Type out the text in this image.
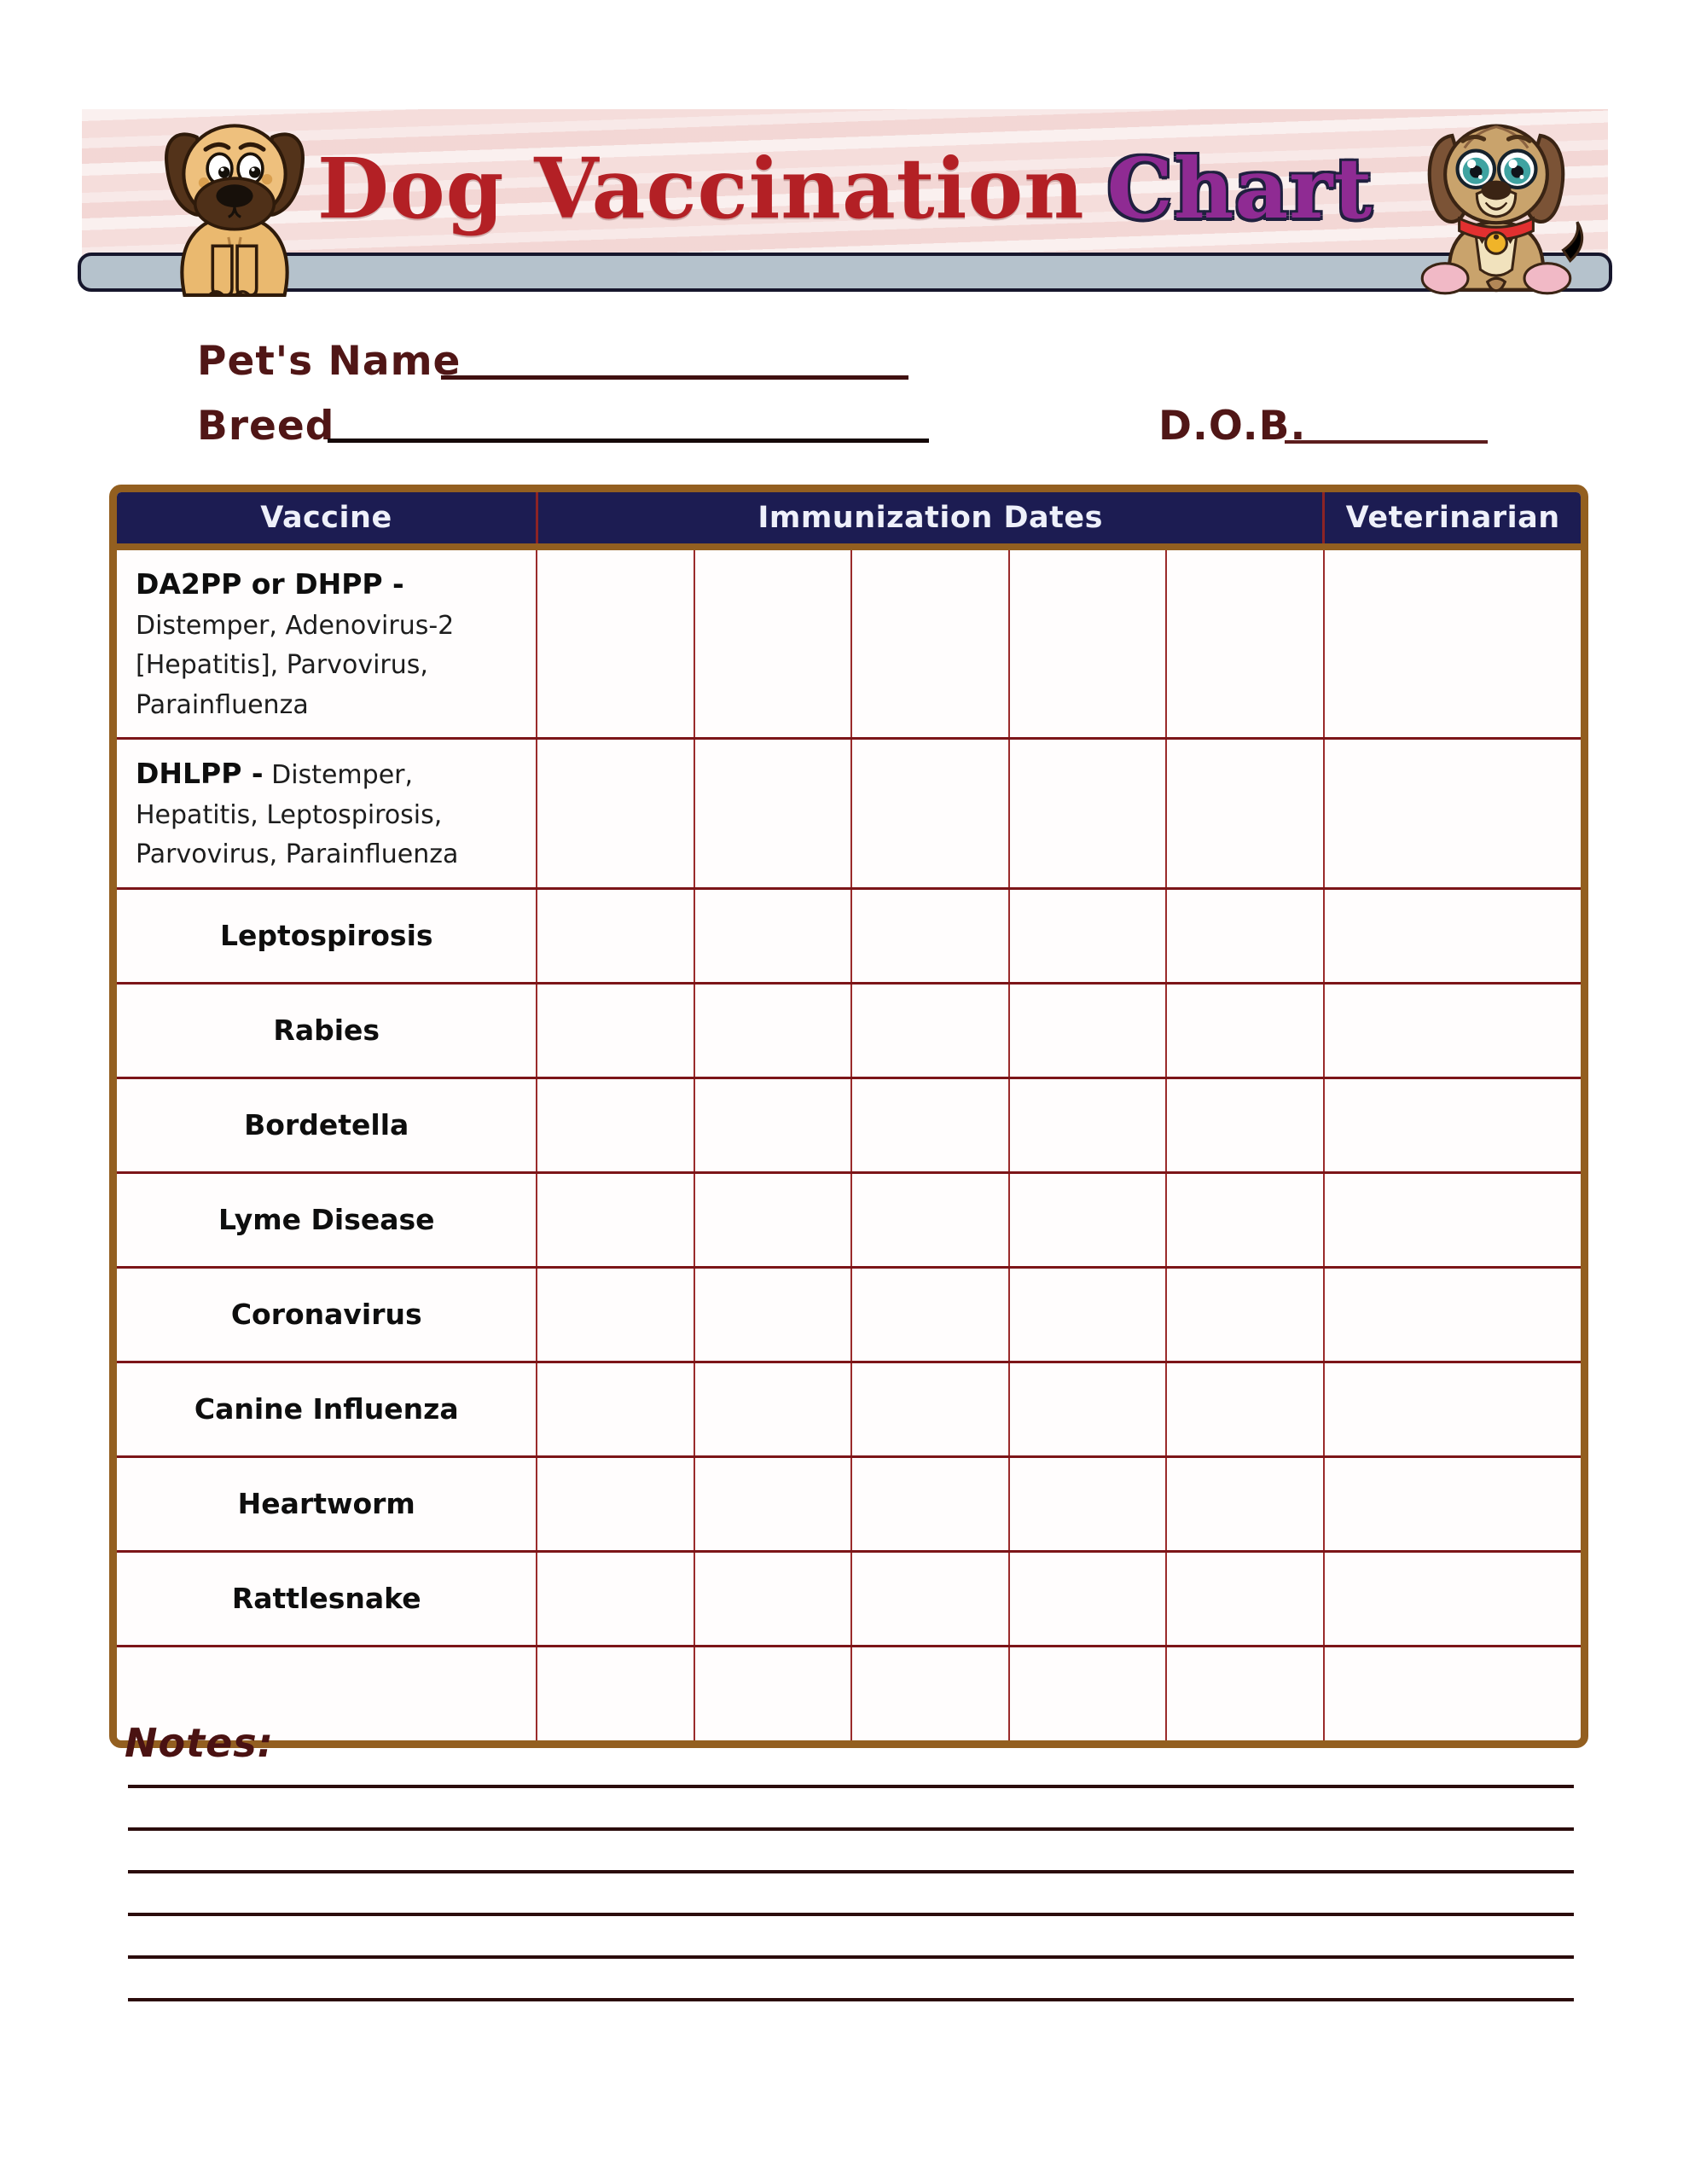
Dog Vaccination Chart
Pet's Name
Breed	D.O.B.
Vaccine	Immunization Dates					Veterinarian
DA2PP or DHPP - Distemper, Adenovirus-2 [Hepatitis], Parvovirus, Parainfluenza						
DHLPP - Distemper, Hepatitis, Leptospirosis, Parvovirus, Parainfluenza						
Leptospirosis						
Rabies						
Bordetella						
Lyme Disease						
Coronavirus						
Canine Influenza						
Heartworm						
Rattlesnake						

Notes:
